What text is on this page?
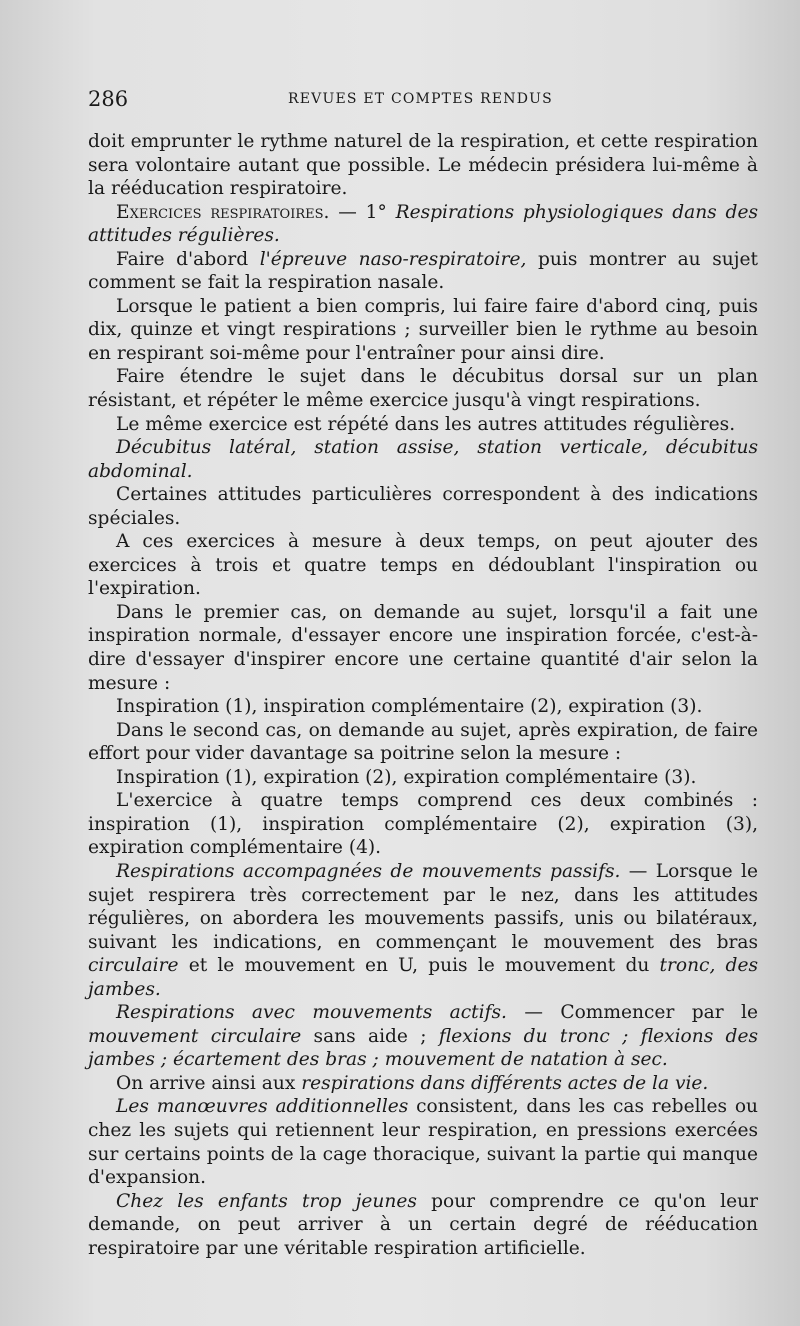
286	REVUES ET COMPTES RENDUS

doit emprunter le rythme naturel de la respiration, et cette respiration sera volontaire autant que possible. Le médecin présidera lui-même à la rééducation respiratoire.

Exercices respiratoires. — 1° Respirations physiologiques dans des attitudes régulières.

Faire d'abord l'épreuve naso-respiratoire, puis montrer au sujet comment se fait la respiration nasale.

Lorsque le patient a bien compris, lui faire faire d'abord cinq, puis dix, quinze et vingt respirations ; surveiller bien le rythme au besoin en respirant soi-même pour l'entraîner pour ainsi dire.

Faire étendre le sujet dans le décubitus dorsal sur un plan résistant, et répéter le même exercice jusqu'à vingt respirations.

Le même exercice est répété dans les autres attitudes régulières.

Décubitus latéral, station assise, station verticale, décubitus abdominal.

Certaines attitudes particulières correspondent à des indications spéciales.

A ces exercices à mesure à deux temps, on peut ajouter des exercices à trois et quatre temps en dédoublant l'inspiration ou l'expiration.

Dans le premier cas, on demande au sujet, lorsqu'il a fait une inspiration normale, d'essayer encore une inspiration forcée, c'est-à-dire d'essayer d'inspirer encore une certaine quantité d'air selon la mesure :

Inspiration (1), inspiration complémentaire (2), expiration (3).

Dans le second cas, on demande au sujet, après expiration, de faire effort pour vider davantage sa poitrine selon la mesure :

Inspiration (1), expiration (2), expiration complémentaire (3).

L'exercice à quatre temps comprend ces deux combinés : inspiration (1), inspiration complémentaire (2), expiration (3), expiration complémentaire (4).

Respirations accompagnées de mouvements passifs. — Lorsque le sujet respirera très correctement par le nez, dans les attitudes régulières, on abordera les mouvements passifs, unis ou bilatéraux, suivant les indications, en commençant le mouvement des bras circulaire et le mouvement en U, puis le mouvement du tronc, des jambes.

Respirations avec mouvements actifs. — Commencer par le mouvement circulaire sans aide ; flexions du tronc ; flexions des jambes ; écartement des bras ; mouvement de natation à sec.

On arrive ainsi aux respirations dans différents actes de la vie.

Les manœuvres additionnelles consistent, dans les cas rebelles ou chez les sujets qui retiennent leur respiration, en pressions exercées sur certains points de la cage thoracique, suivant la partie qui manque d'expansion.

Chez les enfants trop jeunes pour comprendre ce qu'on leur demande, on peut arriver à un certain degré de rééducation respiratoire par une véritable respiration artificielle.
